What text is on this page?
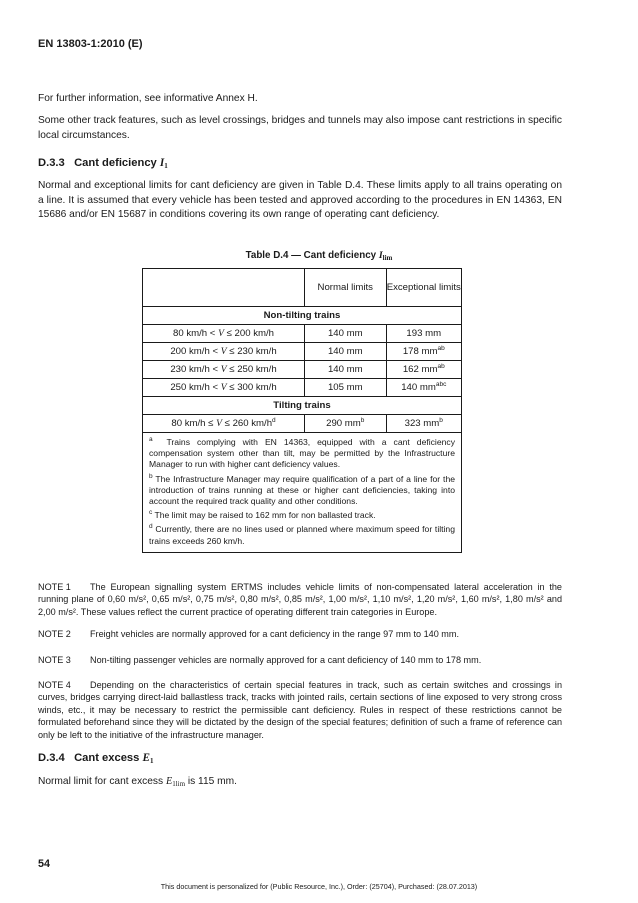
EN 13803-1:2010 (E)

For further information, see informative Annex H.

Some other track features, such as level crossings, bridges and tunnels may also impose cant restrictions in specific local circumstances.

D.3.3 Cant deficiency $I_1$

Normal and exceptional limits for cant deficiency are given in Table D.4. These limits apply to all trains operating on a line. It is assumed that every vehicle has been tested and approved according to the procedures in EN 14363, EN 15686 and/or EN 15687 in conditions covering its own range of operating cant deficiency.

Table D.4 — Cant deficiency $I_{lim}$
	Normal limits	Exceptional limits
Non-tilting trains		
80 km/h < V ≤ 200 km/h	140 mm	193 mm
200 km/h < V ≤ 230 km/h	140 mm	178 $mm^{ab}$
230 km/h < V ≤ 250 km/h	140 mm	162 $mm^{ab}$
250 km/h < V ≤ 300 km/h	105 mm	140 $mm^{abc}$
Tilting trains		
80 km/h ≤ V ≤ 260 $km/h^d$	290 $mm^b$	323 $mm^b$

$^a$ Trains complying with EN 14363, equipped with a cant deficiency compensation system other than tilt, may be permitted by the Infrastructure Manager to run with higher cant deficiency values.

$^b$ The Infrastructure Manager may require qualification of a part of a line for the introduction of trains running at these or higher cant deficiencies, taking into account the required track quality and other conditions.

$^c$ The limit may be raised to 162 mm for non ballasted track.

$^d$ Currently, there are no lines used or planned where maximum speed for tilting trains exceeds 260 km/h.		

NOTE 1 The European signalling system ERTMS includes vehicle limits of non-compensated lateral acceleration in the running plane of 0,60 m/s², 0,65 m/s², 0,75 m/s², 0,80 m/s², 0,85 m/s², 1,00 m/s², 1,10 m/s², 1,20 m/s², 1,60 m/s², 1,80 m/s² and 2,00 m/s². These values reflect the current practice of operating different train categories in Europe.

NOTE 2 Freight vehicles are normally approved for a cant deficiency in the range 97 mm to 140 mm.

NOTE 3 Non-tilting passenger vehicles are normally approved for a cant deficiency of 140 mm to 178 mm.

NOTE 4 Depending on the characteristics of certain special features in track, such as certain switches and crossings in curves, bridges carrying direct-laid ballastless track, tracks with jointed rails, certain sections of line exposed to very strong cross winds, etc., it may be necessary to restrict the permissible cant deficiency. Rules in respect of these restrictions cannot be formulated beforehand since they will be dictated by the design of the special features; definition of such a frame of reference can only be left to the initiative of the infrastructure manager.

D.3.4 Cant excess $E_1$

Normal limit for cant excess $E_{1lim}$ is 115 mm.

54
This document is personalized for (Public Resource, Inc.), Order: (25704), Purchased: (28.07.2013)
